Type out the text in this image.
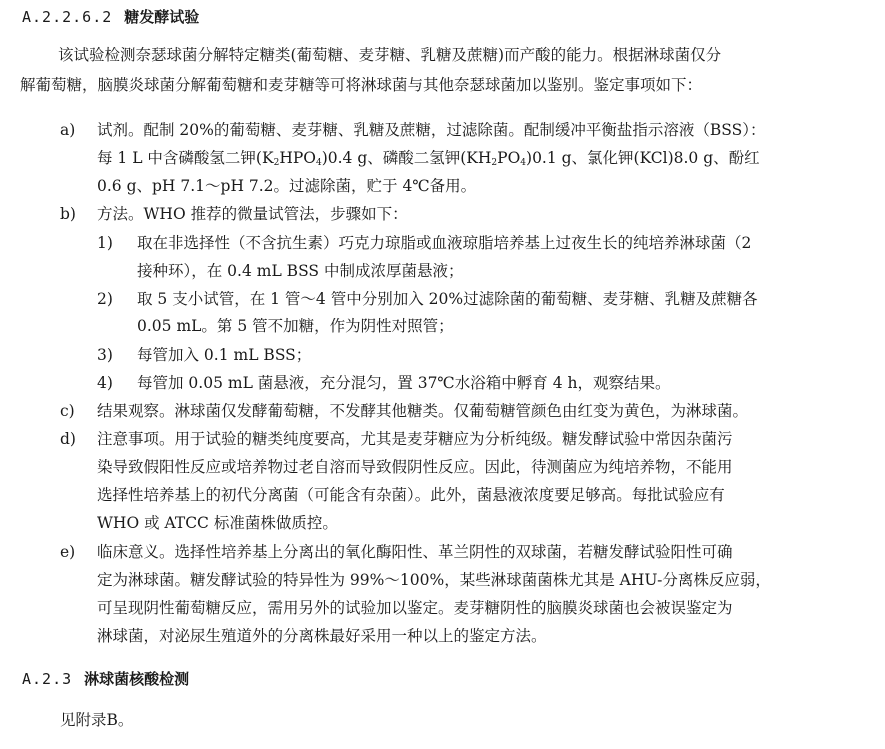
A.2.2.6.2 糖发酵试验
该试验检测奈瑟球菌分解特定糖类(葡萄糖、麦芽糖、乳糖及蔗糖)而产酸的能力。根据淋球菌仅分
解葡萄糖，脑膜炎球菌分解葡萄糖和麦芽糖等可将淋球菌与其他奈瑟球菌加以鉴别。鉴定事项如下：
a) 试剂。配制 20%的葡萄糖、麦芽糖、乳糖及蔗糖，过滤除菌。配制缓冲平衡盐指示溶液（BSS）：
每 1 L 中含磷酸氢二钾$(K_2HPO_4)0.4$ g、磷酸二氢钾$(KH_2PO_4)0.1$ g、氯化钾(KCl)8.0 g、酚红
0.6 g、pH 7.1～pH 7.2。过滤除菌，贮于 4℃备用。
b) 方法。WHO 推荐的微量试管法，步骤如下：
1) 取在非选择性（不含抗生素）巧克力琼脂或血液琼脂培养基上过夜生长的纯培养淋球菌（2
接种环），在 0.4 mL BSS 中制成浓厚菌悬液；
2) 取 5 支小试管，在 1 管～4 管中分别加入 20%过滤除菌的葡萄糖、麦芽糖、乳糖及蔗糖各
0.05 mL。第 5 管不加糖，作为阴性对照管；
3) 每管加入 0.1 mL BSS；
4) 每管加 0.05 mL 菌悬液，充分混匀，置 37℃水浴箱中孵育 4 h，观察结果。
c) 结果观察。淋球菌仅发酵葡萄糖，不发酵其他糖类。仅葡萄糖管颜色由红变为黄色，为淋球菌。
d) 注意事项。用于试验的糖类纯度要高，尤其是麦芽糖应为分析纯级。糖发酵试验中常因杂菌污
染导致假阳性反应或培养物过老自溶而导致假阴性反应。因此，待测菌应为纯培养物，不能用
选择性培养基上的初代分离菌（可能含有杂菌）。此外，菌悬液浓度要足够高。每批试验应有
WHO 或 ATCC 标准菌株做质控。
e) 临床意义。选择性培养基上分离出的氧化酶阳性、革兰阴性的双球菌，若糖发酵试验阳性可确
定为淋球菌。糖发酵试验的特异性为 99%～100%，某些淋球菌菌株尤其是 AHU-分离株反应弱，
可呈现阴性葡萄糖反应，需用另外的试验加以鉴定。麦芽糖阴性的脑膜炎球菌也会被误鉴定为
淋球菌，对泌尿生殖道外的分离株最好采用一种以上的鉴定方法。
A.2.3 淋球菌核酸检测
见附录B。
